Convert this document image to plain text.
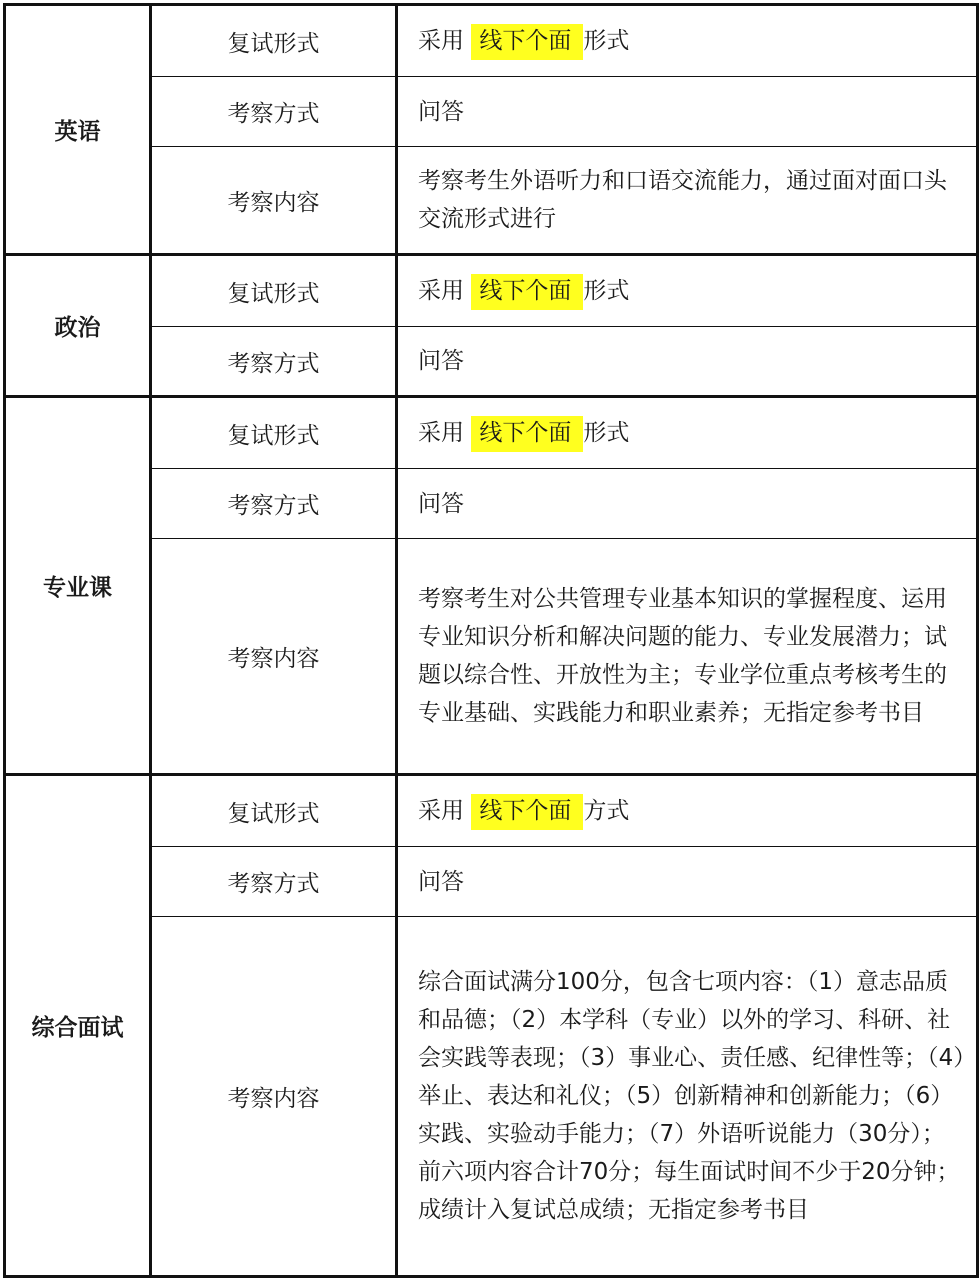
英语	复试形式	采用 线下个面 形式
	考察方式	问答
	考察内容	考察考生外语听力和口语交流能力，通过面对面口头交流形式进行
政治	复试形式	采用 线下个面 形式
	考察方式	问答
专业课	复试形式	采用 线下个面 形式
	考察方式	问答
	考察内容	考察考生对公共管理专业基本知识的掌握程度、运用专业知识分析和解决问题的能力、专业发展潜力；试题以综合性、开放性为主；专业学位重点考核考生的专业基础、实践能力和职业素养；无指定参考书目
综合面试	复试形式	采用 线下个面 方式
	考察方式	问答
	考察内容	综合面试满分100分，包含七项内容：（1）意志品质和品德；（2）本学科（专业）以外的学习、科研、社会实践等表现；（3）事业心、责任感、纪律性等；（4）举止、表达和礼仪；（5）创新精神和创新能力；（6）实践、实验动手能力；（7）外语听说能力（30分）；前六项内容合计70分；每生面试时间不少于20分钟；成绩计入复试总成绩；无指定参考书目
